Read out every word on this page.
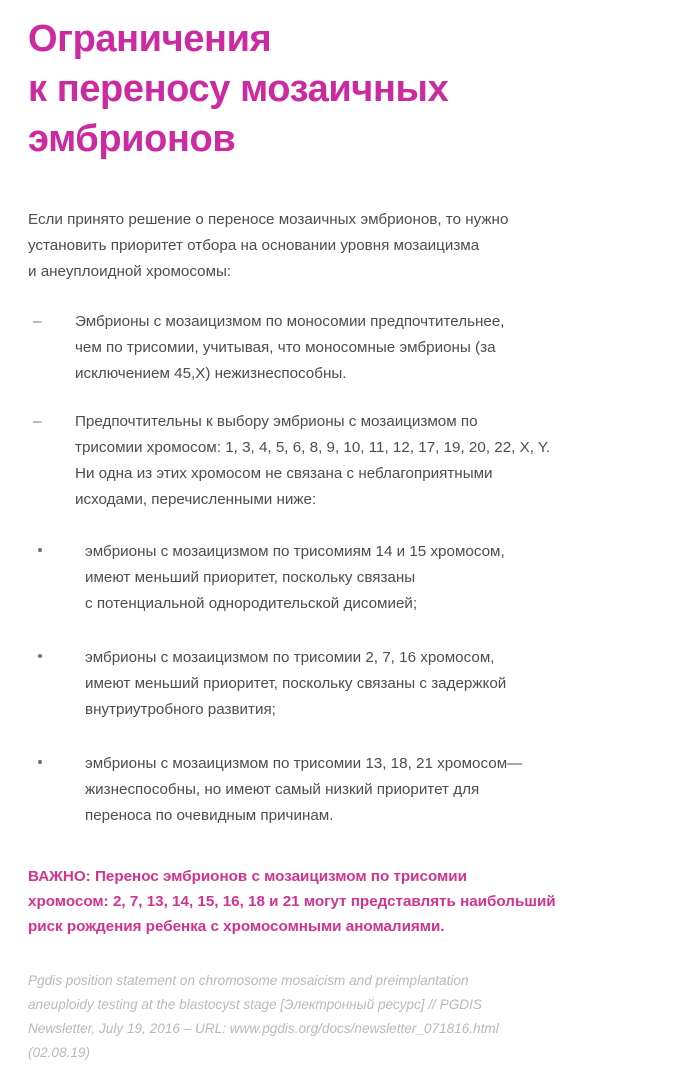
Ограничения
к переносу мозаичных
эмбрионов

Если принято решение о переносе мозаичных эмбрионов, то нужно
установить приоритет отбора на основании уровня мозаицизма
и анеуплоидной хромосомы:

– Эмбрионы с мозаицизмом по моносомии предпочтительнее,
чем по трисомии, учитывая, что моносомные эмбрионы (за
исключением 45,X) нежизнеспособны.
– Предпочтительны к выбору эмбрионы с мозаицизмом по
трисомии хромосом: 1, 3, 4, 5, 6, 8, 9, 10, 11, 12, 17, 19, 20, 22, X, Y.
Ни одна из этих хромосом не связана с неблагоприятными
исходами, перечисленными ниже:
эмбрионы с мозаицизмом по трисомиям 14 и 15 хромосом,
имеют меньший приоритет, поскольку связаны
с потенциальной однородительской дисомией;
эмбрионы с мозаицизмом по трисомии 2, 7, 16 хромосом,
имеют меньший приоритет, поскольку связаны с задержкой
внутриутробного развития;
эмбрионы с мозаицизмом по трисомии 13, 18, 21 хромосом—
жизнеспособны, но имеют самый низкий приоритет для
переноса по очевидным причинам.

ВАЖНО: Перенос эмбрионов с мозаицизмом по трисомии
хромосом: 2, 7, 13, 14, 15, 16, 18 и 21 могут представлять наибольший
риск рождения ребенка с хромосомными аномалиями.

Pgdis position statement on chromosome mosaicism and preimplantation
aneuploidy testing at the blastocyst stage [Электронный ресурс] // PGDIS
Newsletter, July 19, 2016 – URL: www.pgdis.org/docs/newsletter_071816.html
(02.08.19)
